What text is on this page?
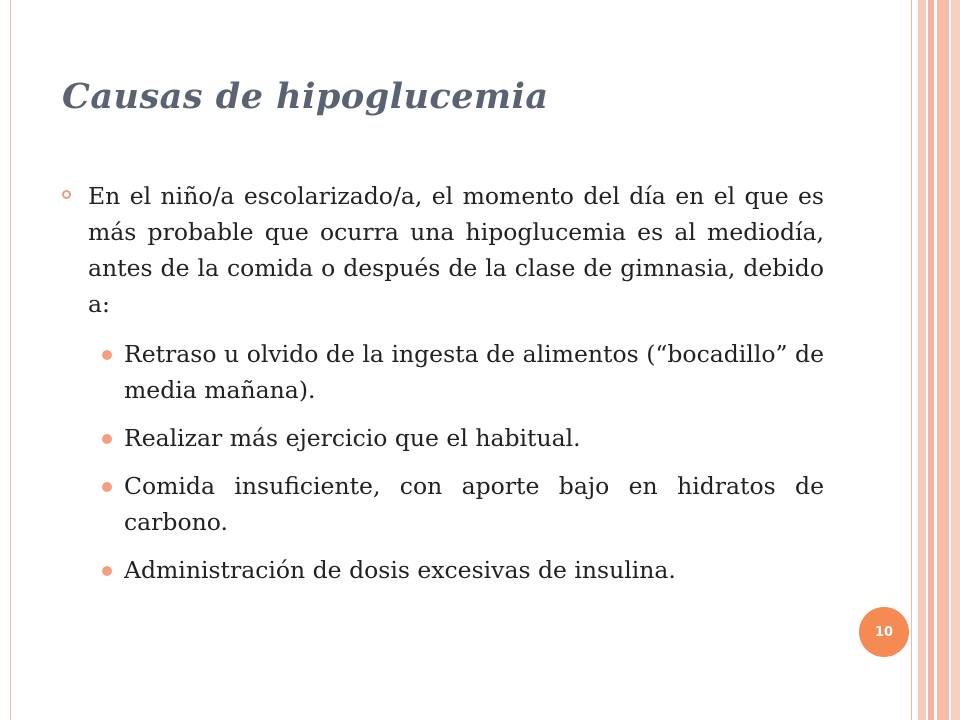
Causas de hipoglucemia
En el niño/a escolarizado/a, el momento del día en el que es más probable que ocurra una hipoglucemia es al mediodía, antes de la comida o después de la clase de gimnasia, debido a:
Retraso u olvido de la ingesta de alimentos (“bocadillo” de media mañana).
Realizar más ejercicio que el habitual.
Comida insuficiente, con aporte bajo en hidratos de carbono.
Administración de dosis excesivas de insulina.
10
